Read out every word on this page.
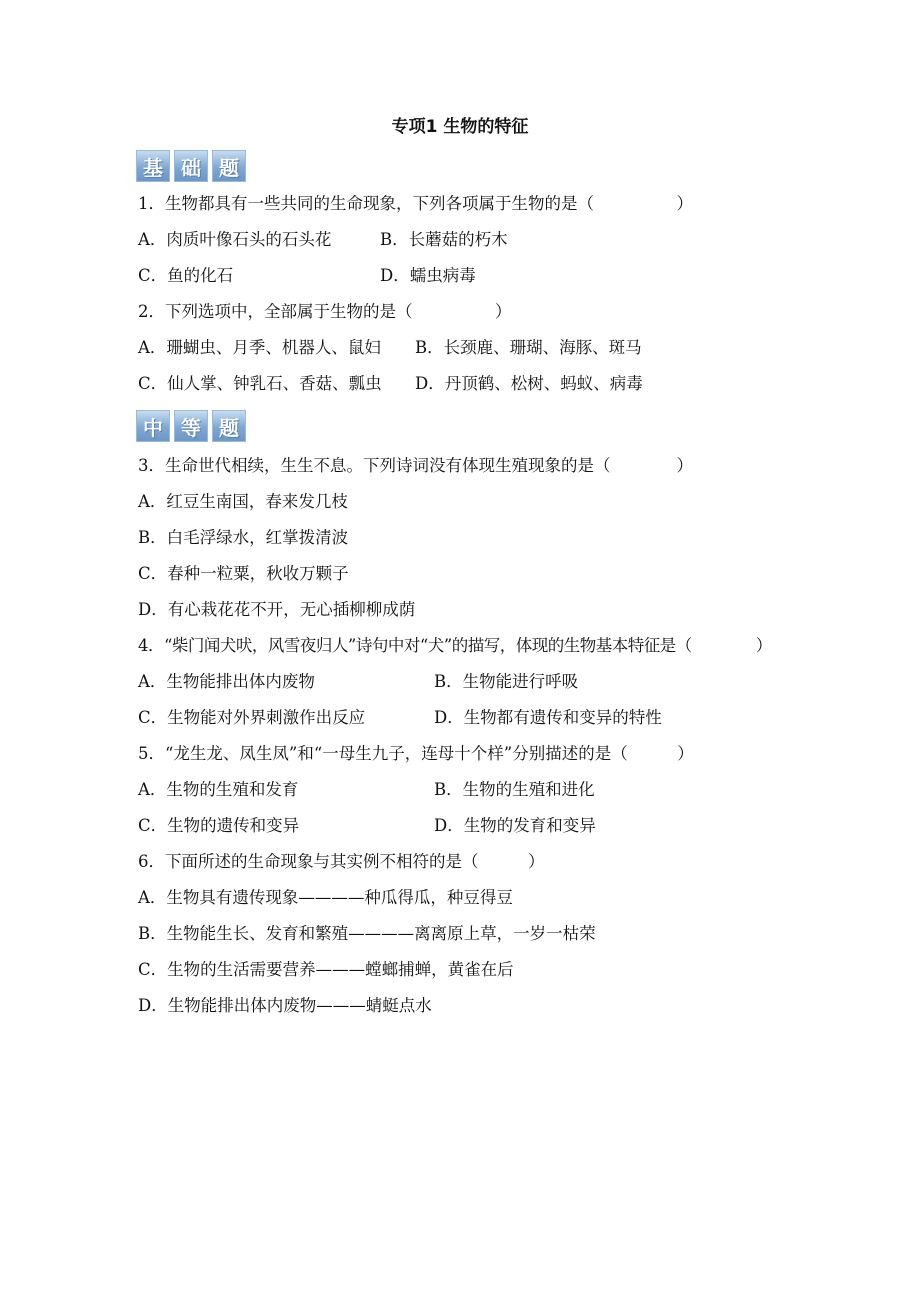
专项1 生物的特征
基 础 题
1．生物都具有一些共同的生命现象，下列各项属于生物的是（　　　　　）
A．肉质叶像石头的石头花	B．长蘑菇的朽木
C．鱼的化石	D．蠕虫病毒
2．下列选项中，全部属于生物的是（　　　　　）
A．珊蝴虫、月季、机器人、鼠妇 B．长颈鹿、珊瑚、海豚、斑马
C．仙人掌、钟乳石、香菇、瓢虫 D．丹顶鹤、松树、蚂蚁、病毒
中 等 题
3．生命世代相续，生生不息。下列诗词没有体现生殖现象的是（　　　　）
A．红豆生南国，春来发几枝
B．白毛浮绿水，红掌拨清波
C．春种一粒粟，秋收万颗子
D．有心栽花花不开，无心插柳柳成荫
4．“柴门闻犬吠，风雪夜归人”诗句中对“犬”的描写，体现的生物基本特征是（　　　　）
A．生物能排出体内废物	B．生物能进行呼吸
C．生物能对外界刺激作出反应	D．生物都有遗传和变异的特性
5．“龙生龙、凤生凤”和“一母生九子，连母十个样”分别描述的是（　　　）
A．生物的生殖和发育	B．生物的生殖和进化
C．生物的遗传和变异	D．生物的发育和变异
6．下面所述的生命现象与其实例不相符的是（　　　）
A．生物具有遗传现象————种瓜得瓜，种豆得豆
B．生物能生长、发育和繁殖————离离原上草，一岁一枯荣
C．生物的生活需要营养———螳螂捕蝉，黄雀在后
D．生物能排出体内废物———蜻蜓点水
